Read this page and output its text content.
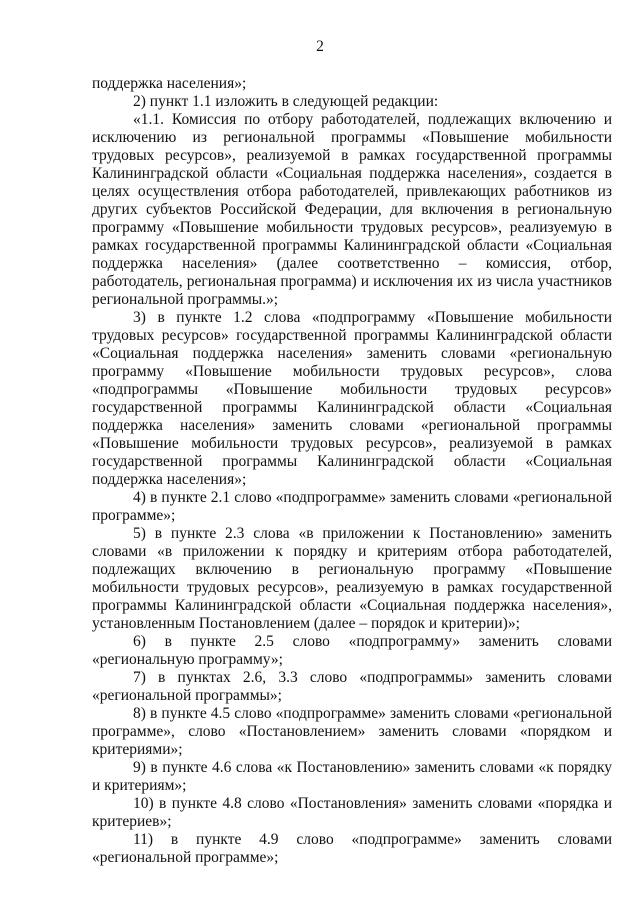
2

поддержка населения»;

2) пункт 1.1 изложить в следующей редакции:

«1.1. Комиссия по отбору работодателей, подлежащих включению и исключению из региональной программы «Повышение мобильности трудовых ресурсов», реализуемой в рамках государственной программы Калининградской области «Социальная поддержка населения», создается в целях осуществления отбора работодателей, привлекающих работников из других субъектов Российской Федерации, для включения в региональную программу «Повышение мобильности трудовых ресурсов», реализуемую в рамках государственной программы Калининградской области «Социальная поддержка населения» (далее соответственно – комиссия, отбор, работодатель, региональная программа) и исключения их из числа участников региональной программы.»;

3) в пункте 1.2 слова «подпрограмму «Повышение мобильности трудовых ресурсов» государственной программы Калининградской области «Социальная поддержка населения» заменить словами «региональную программу «Повышение мобильности трудовых ресурсов», слова «подпрограммы «Повышение мобильности трудовых ресурсов» государственной программы Калининградской области «Социальная поддержка населения» заменить словами «региональной программы «Повышение мобильности трудовых ресурсов», реализуемой в рамках государственной программы Калининградской области «Социальная поддержка населения»;

4) в пункте 2.1 слово «подпрограмме» заменить словами «региональной программе»;

5) в пункте 2.3 слова «в приложении к Постановлению» заменить словами «в приложении к порядку и критериям отбора работодателей, подлежащих включению в региональную программу «Повышение мобильности трудовых ресурсов», реализуемую в рамках государственной программы Калининградской области «Социальная поддержка населения», установленным Постановлением (далее – порядок и критерии)»;

6) в пункте 2.5 слово «подпрограмму» заменить словами «региональную программу»;

7) в пунктах 2.6, 3.3 слово «подпрограммы» заменить словами «региональной программы»;

8) в пункте 4.5 слово «подпрограмме» заменить словами «региональной программе», слово «Постановлением» заменить словами «порядком и критериями»;

9) в пункте 4.6 слова «к Постановлению» заменить словами «к порядку и критериям»;

10) в пункте 4.8 слово «Постановления» заменить словами «порядка и критериев»;

11) в пункте 4.9 слово «подпрограмме» заменить словами «региональной программе»;
